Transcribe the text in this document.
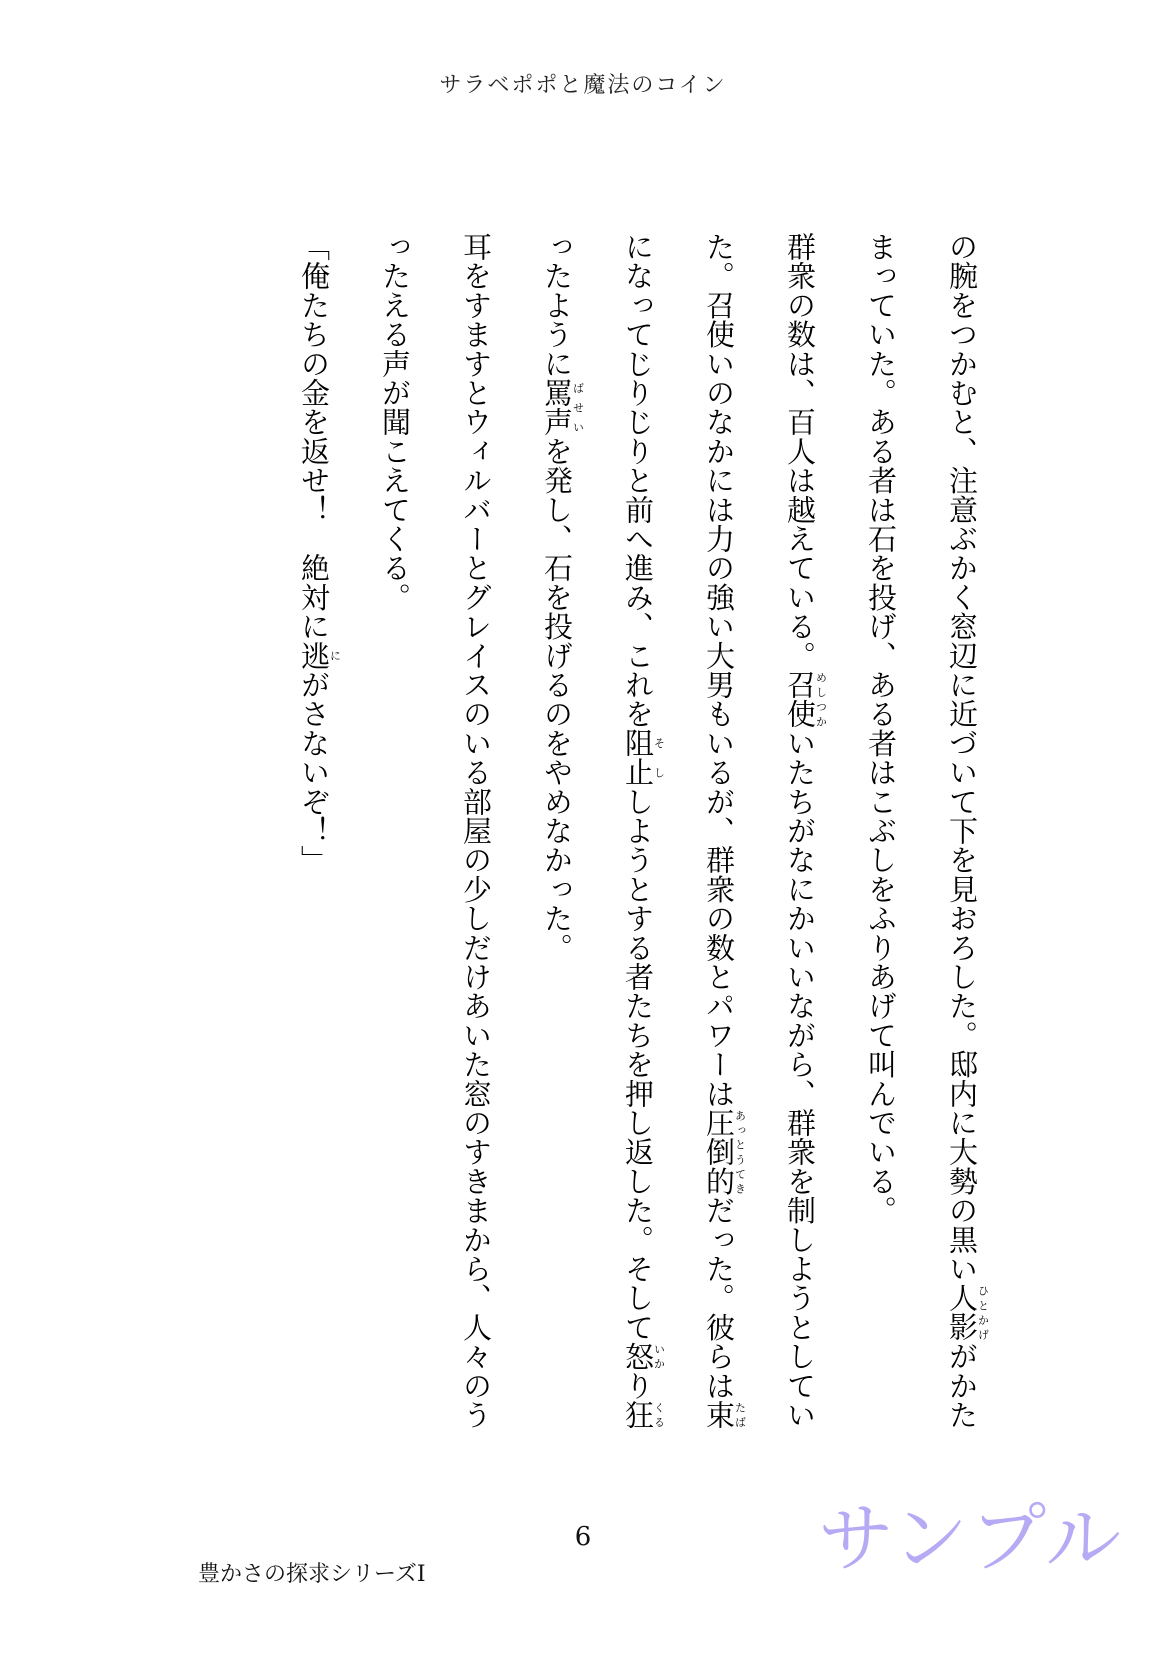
サラベポポと魔法のコイン

の腕をつかむと、注意ぶかく窓辺に近づいて下を見おろした。邸内に大勢の黒い人影ひとかげがかたまっていた。ある者は石を投げ、ある者はこぶしをふりあげて叫んでいる。

群衆の数は、百人は越えている。召使めしつかいたちがなにかいいながら、群衆を制しようとしていた。召使いのなかには力の強い大男もいるが、群衆の数とパワーは圧倒的あっとうてきだった。彼らは束たばになってじりじりと前へ進み、これを阻止そししようとする者たちを押し返した。そして怒いかり狂くるったように罵声ばせいを発し、石を投げるのをやめなかった。

耳をすますとウィルバーとグレイスのいる部屋の少しだけあいた窓のすきまから、人々のうったえる声が聞こえてくる。

「俺たちの金を返せ！　絶対に逃にがさないぞ！」

6
豊かさの探求シリーズⅠ	サンプル
